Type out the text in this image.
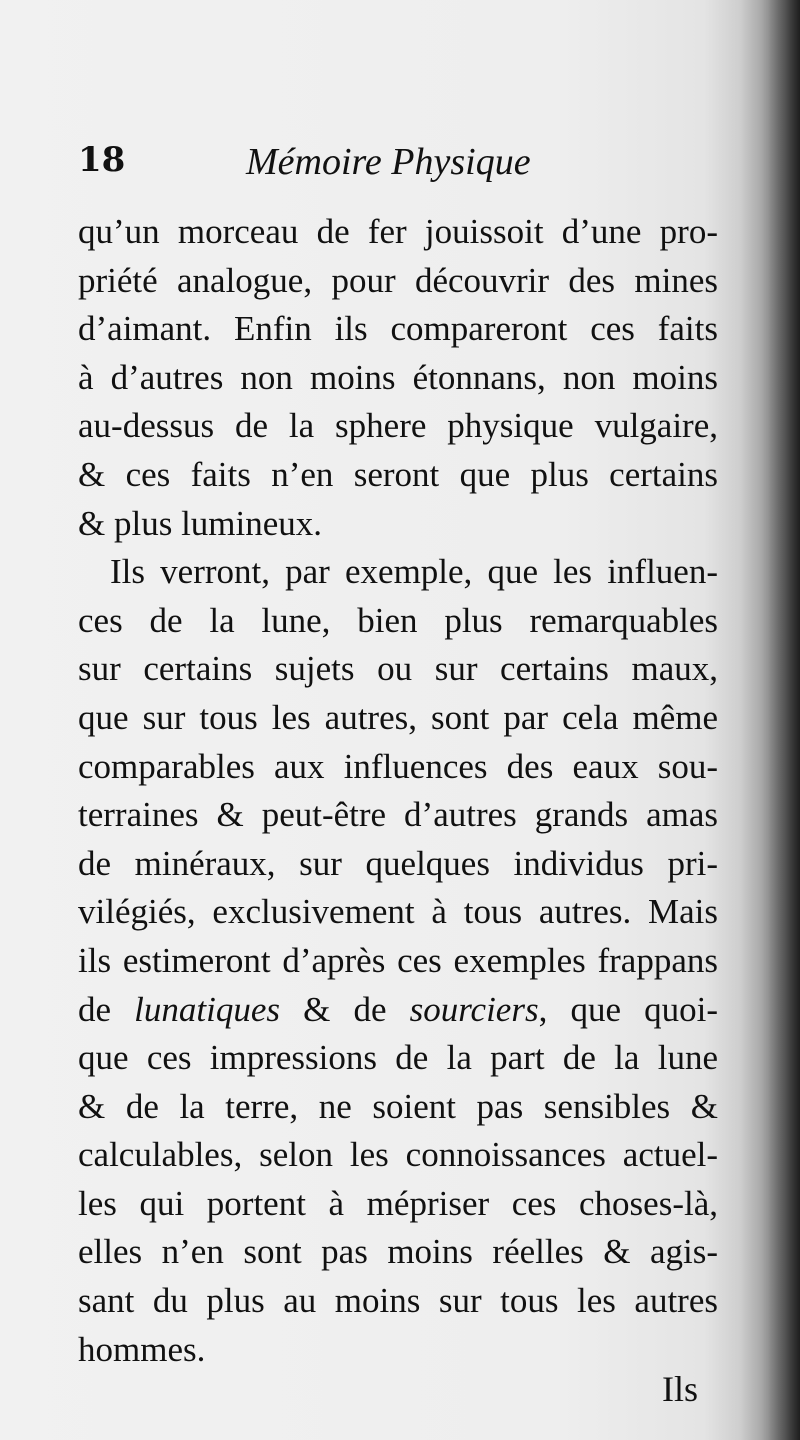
18	Mémoire Physique
qu’un morceau de fer jouissoit d’une pro-
priété analogue, pour découvrir des mines
d’aimant. Enfin ils compareront ces faits
à d’autres non moins étonnans, non moins
au-dessus de la sphere physique vulgaire,
& ces faits n’en seront que plus certains
& plus lumineux.
Ils verront, par exemple, que les influen-
ces de la lune, bien plus remarquables
sur certains sujets ou sur certains maux,
que sur tous les autres, sont par cela même
comparables aux influences des eaux sou-
terraines & peut-être d’autres grands amas
de minéraux, sur quelques individus pri-
vilégiés, exclusivement à tous autres. Mais
ils estimeront d’après ces exemples frappans
de lunatiques & de sourciers, que quoi-
que ces impressions de la part de la lune
& de la terre, ne soient pas sensibles &
calculables, selon les connoissances actuel-
les qui portent à mépriser ces choses-là,
elles n’en sont pas moins réelles & agis-
sant du plus au moins sur tous les autres
hommes.
Ils
